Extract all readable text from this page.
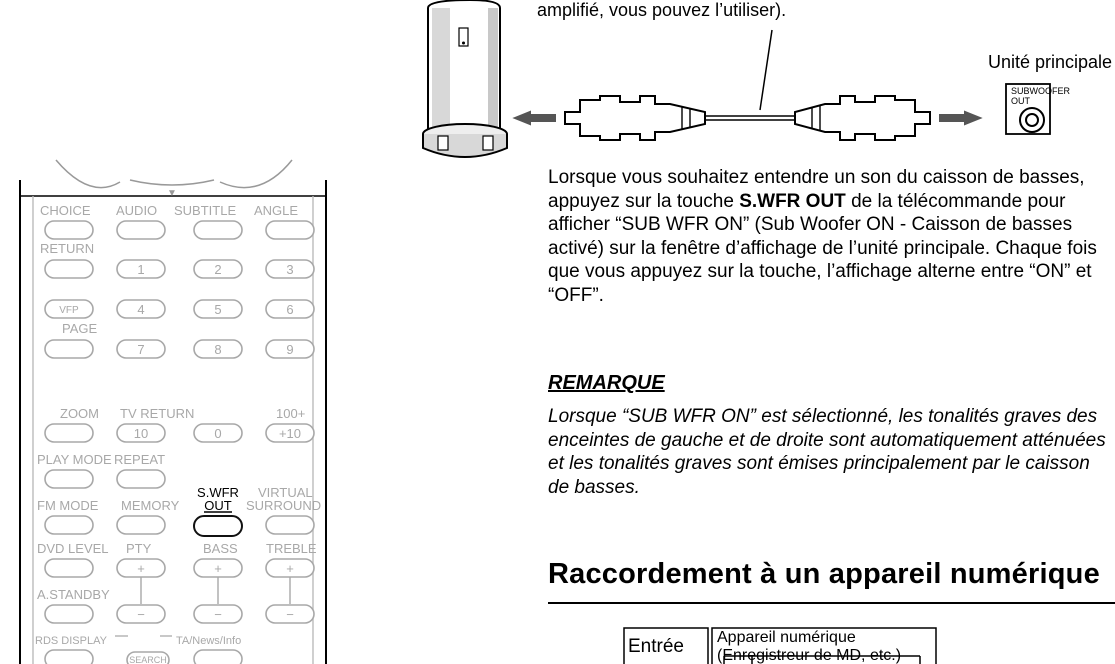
SUBWOOFER
OUT
▼
CHOICE AUDIO SUBTITLE ANGLE
RETURN
1	2	3
VFP	4	5	6
PAGE
7	8	9
ZOOM TV RETURN	100+
10	0	+10
PLAY MODE REPEAT
S.WFR
OUT
VIRTUAL
SURROUND
FM MODE MEMORY
DVD LEVEL PTY	BASS TREBLE
+	+	+
A.STANDBY
−	−	−
RDS DISPLAY	TA/News/Info
SEARCH
Entrée Appareil numérique
(Enregistreur de MD, etc.)
amplifié, vous pouvez l’utiliser).
Unité principale
Lorsque vous souhaitez entendre un son du caisson de basses, appuyez sur la touche S.WFR OUT de la télécommande pour afficher “SUB WFR ON” (Sub Woofer ON - Caisson de basses activé) sur la fenêtre d’affichage de l’unité principale. Chaque fois que vous appuyez sur la touche, l’affichage alterne entre “ON” et “OFF”.
REMARQUE
Lorsque “SUB WFR ON” est sélectionné, les tonalités graves des enceintes de gauche et de droite sont automatiquement atténuées et les tonalités graves sont émises principalement par le caisson de basses.
Raccordement à un appareil numérique
